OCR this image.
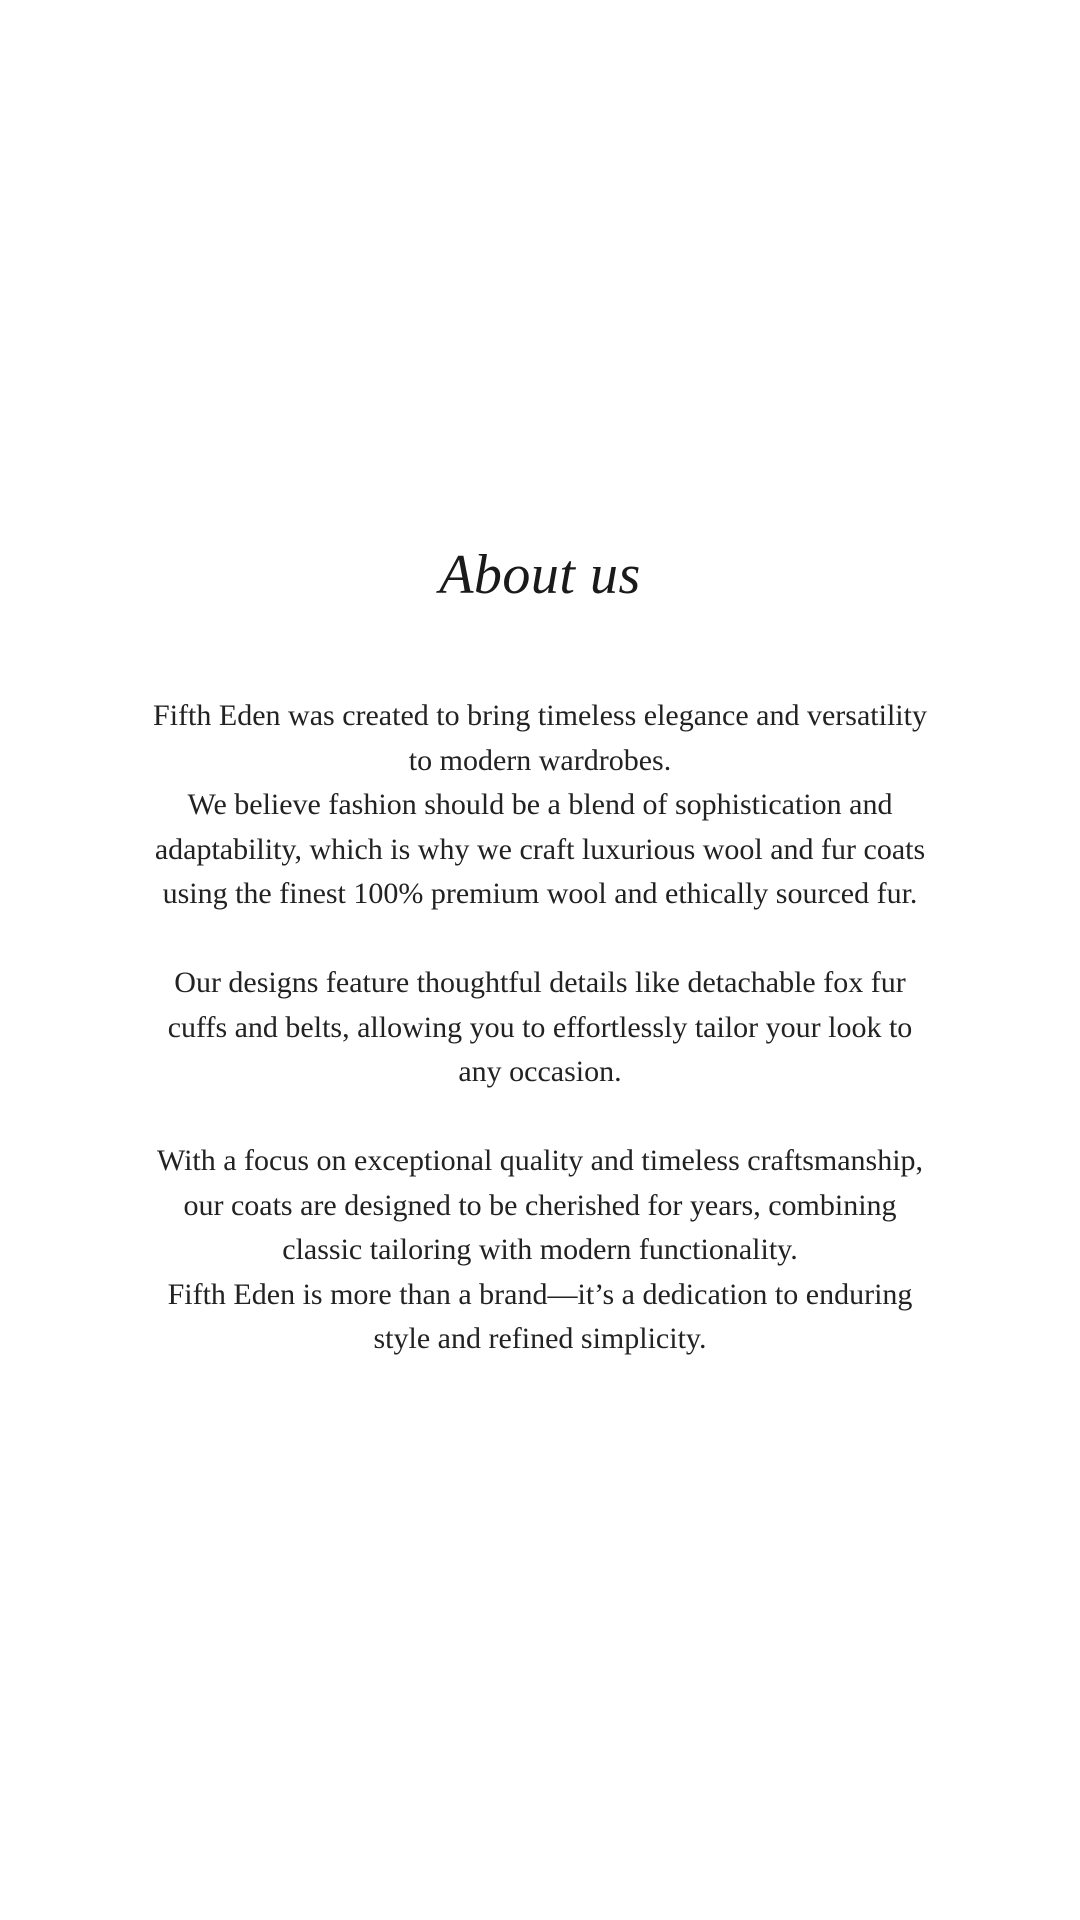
About us

Fifth Eden was created to bring timeless elegance and versatility
to modern wardrobes.
We believe fashion should be a blend of sophistication and
adaptability, which is why we craft luxurious wool and fur coats
using the finest 100% premium wool and ethically sourced fur.

Our designs feature thoughtful details like detachable fox fur
cuffs and belts, allowing you to effortlessly tailor your look to
any occasion.

With a focus on exceptional quality and timeless craftsmanship,
our coats are designed to be cherished for years, combining
classic tailoring with modern functionality.
Fifth Eden is more than a brand—it’s a dedication to enduring
style and refined simplicity.
